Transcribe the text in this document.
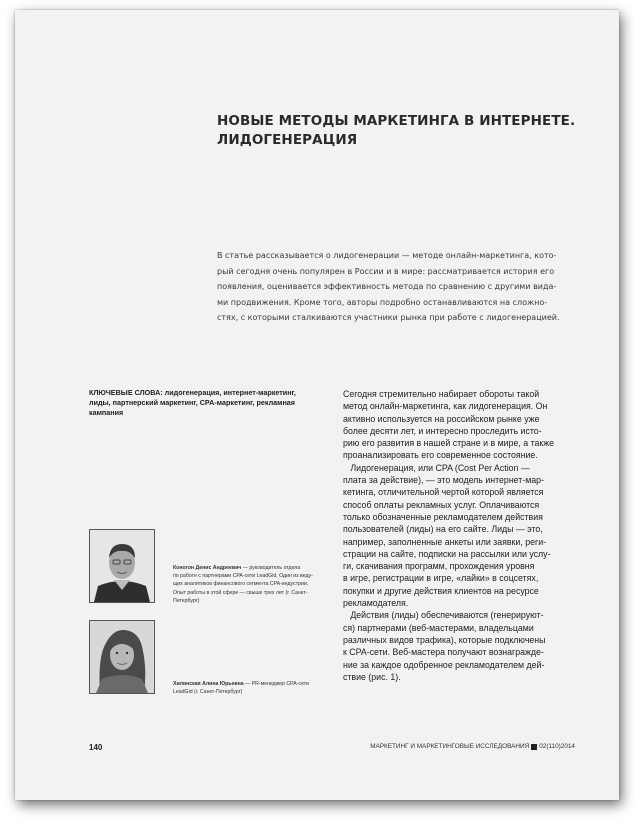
НОВЫЕ МЕТОДЫ МАРКЕТИНГА В ИНТЕРНЕТЕ.
ЛИДОГЕНЕРАЦИЯ
В статье рассказывается о лидогенерации — методе онлайн-маркетинга, кото-
рый сегодня очень популярен в России и в мире: рассматривается история его
появления, оценивается эффективность метода по сравнению с другими вида-
ми продвижения. Кроме того, авторы подробно останавливаются на сложно-
стях, с которыми сталкиваются участники рынка при работе с лидогенерацией.
КЛЮЧЕВЫЕ СЛОВА: лидогенерация, интернет-маркетинг,
лиды, партнерский маркетинг, CPA-маркетинг, рекламная
кампания
Сегодня стремительно набирает обороты такой
метод онлайн-маркетинга, как лидогенерация. Он
активно используется на российском рынке уже
более десяти лет, и интересно проследить исто-
рию его развития в нашей стране и в мире, а также
проанализировать его современное состояние.
Лидогенерация, или CPA (Cost Per Action —
плата за действие), — это модель интернет-мар-
кетинга, отличительной чертой которой является
способ оплаты рекламных услуг. Оплачиваются
только обозначенные рекламодателем действия
пользователей (лиды) на его сайте. Лиды — это,
например, заполненные анкеты или заявки, реги-
страции на сайте, подписки на рассылки или услу-
ги, скачивания программ, прохождения уровня
в игре, регистрации в игре, «лайки» в соцсетях,
покупки и другие действия клиентов на ресурсе
рекламодателя.
Действия (лиды) обеспечиваются (генерируют-
ся) партнерами (веб-мастерами, владельцами
различных видов трафика), которые подключены
к CPA-сети. Веб-мастера получают вознагражде-
ние за каждое одобренное рекламодателем дей-
ствие (рис. 1).
Коногон Денис Андреевич — руководитель отдела
по работе с партнерами CPA-сети LeadGid. Один из веду-
щих аналитиков финансового сегмента CPA-индустрии.
Опыт работы в этой сфере — свыше трех лет (г. Санкт-
Петербург)
Хилинская Алина Юрьевна — PR-менеджер CPA-сети
LeadGid (г. Санкт-Петербург)
140	МАРКЕТИНГ И МАРКЕТИНГОВЫЕ ИССЛЕДОВАНИЯ 02(110)2014
